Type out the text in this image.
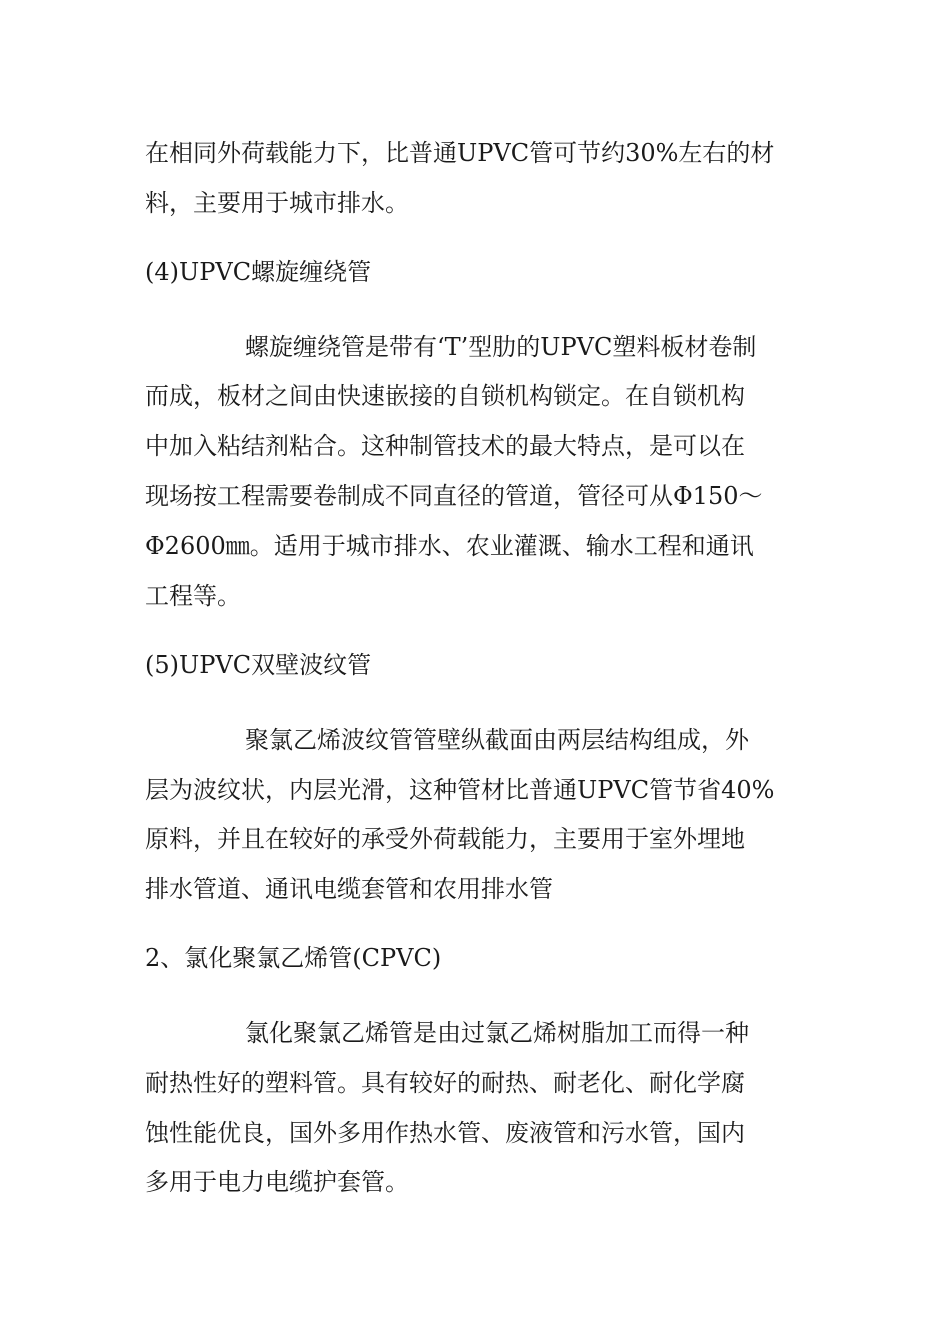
在相同外荷载能力下，比普通UPVC管可节约30%左右的材
料，主要用于城市排水。
(4)UPVC螺旋缠绕管
螺旋缠绕管是带有‘T’型肋的UPVC塑料板材卷制
而成，板材之间由快速嵌接的自锁机构锁定。在自锁机构
中加入粘结剂粘合。这种制管技术的最大特点，是可以在
现场按工程需要卷制成不同直径的管道，管径可从Φ150～
Φ2600㎜。适用于城市排水、农业灌溉、输水工程和通讯
工程等。
(5)UPVC双壁波纹管
聚氯乙烯波纹管管壁纵截面由两层结构组成，外
层为波纹状，内层光滑，这种管材比普通UPVC管节省40%
原料，并且在较好的承受外荷载能力，主要用于室外埋地
排水管道、通讯电缆套管和农用排水管
2、氯化聚氯乙烯管(CPVC)
氯化聚氯乙烯管是由过氯乙烯树脂加工而得一种
耐热性好的塑料管。具有较好的耐热、耐老化、耐化学腐
蚀性能优良，国外多用作热水管、废液管和污水管，国内
多用于电力电缆护套管。
